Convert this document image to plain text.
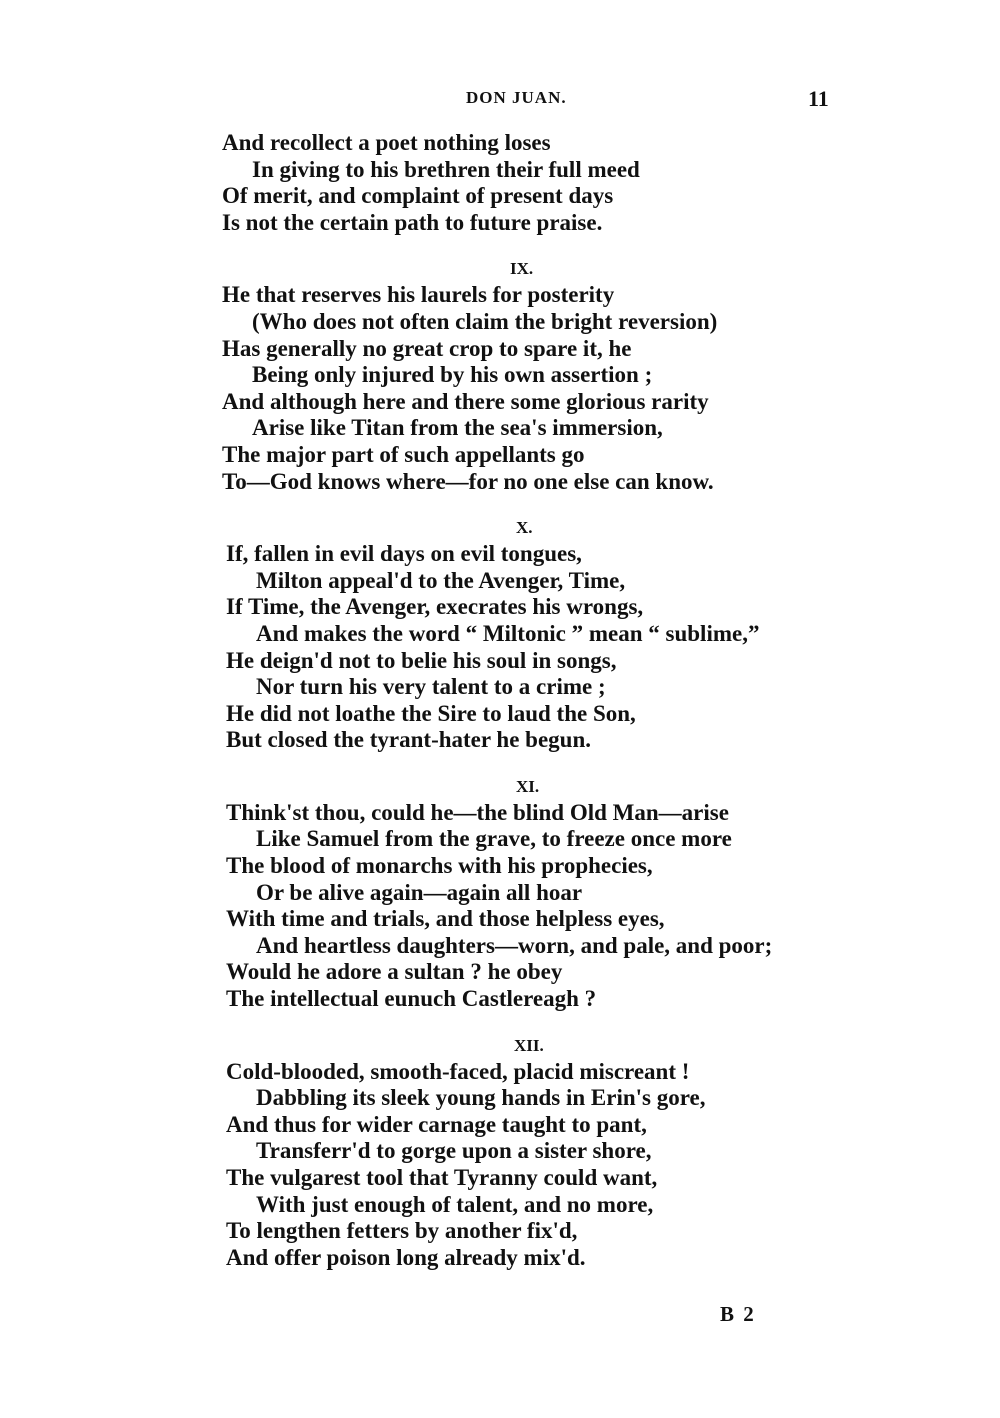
DON JUAN.	11
And recollect a poet nothing loses
In giving to his brethren their full meed
Of merit, and complaint of present days
Is not the certain path to future praise.
IX.
He that reserves his laurels for posterity
(Who does not often claim the bright reversion)
Has generally no great crop to spare it, he
Being only injured by his own assertion ;
And although here and there some glorious rarity
Arise like Titan from the sea's immersion,
The major part of such appellants go
To—God knows where—for no one else can know.
X.
If, fallen in evil days on evil tongues,
Milton appeal'd to the Avenger, Time,
If Time, the Avenger, execrates his wrongs,
And makes the word “ Miltonic ” mean “ sublime,”
He deign'd not to belie his soul in songs,
Nor turn his very talent to a crime ;
He did not loathe the Sire to laud the Son,
But closed the tyrant-hater he begun.
XI.
Think'st thou, could he—the blind Old Man—arise
Like Samuel from the grave, to freeze once more
The blood of monarchs with his prophecies,
Or be alive again—again all hoar
With time and trials, and those helpless eyes,
And heartless daughters—worn, and pale, and poor;
Would he adore a sultan ? he obey
The intellectual eunuch Castlereagh ?
XII.
Cold-blooded, smooth-faced, placid miscreant !
Dabbling its sleek young hands in Erin's gore,
And thus for wider carnage taught to pant,
Transferr'd to gorge upon a sister shore,
The vulgarest tool that Tyranny could want,
With just enough of talent, and no more,
To lengthen fetters by another fix'd,
And offer poison long already mix'd.
B 2
